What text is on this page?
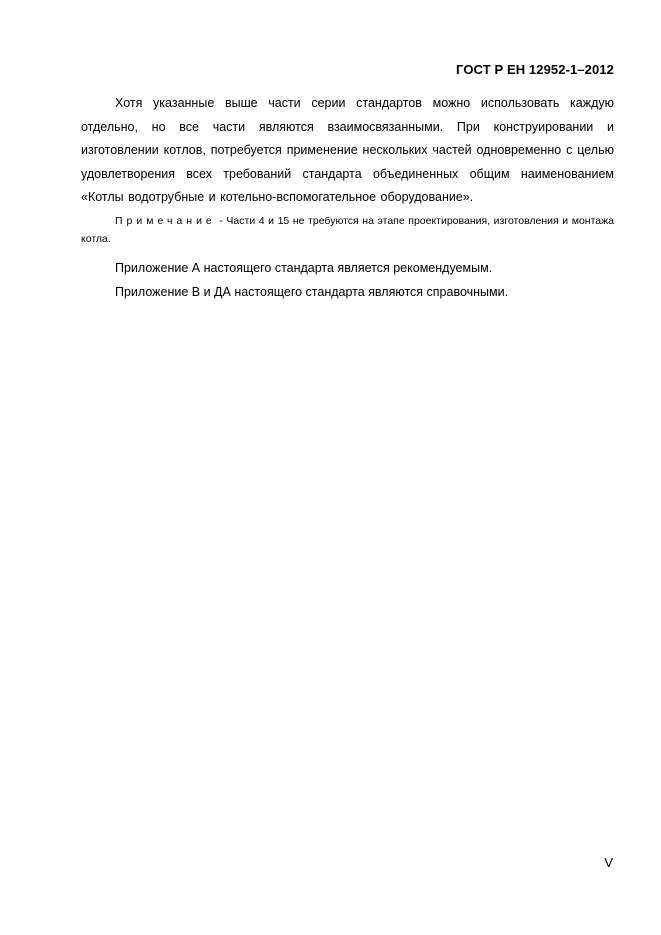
ГОСТ Р ЕН 12952-1–2012

Хотя указанные выше части серии стандартов можно использовать каждую отдельно, но все части являются взаимосвязанными. При конструировании и изготовлении котлов, потребуется применение нескольких частей одновременно с целью удовлетворения всех требований стандарта объединенных общим наименованием «Котлы водотрубные и котельно-вспомогательное оборудование».

Примечание - Части 4 и 15 не требуются на этапе проектирования, изготовления и монтажа котла.

Приложение А настоящего стандарта является рекомендуемым.

Приложение В и ДА настоящего стандарта являются справочными.

V
